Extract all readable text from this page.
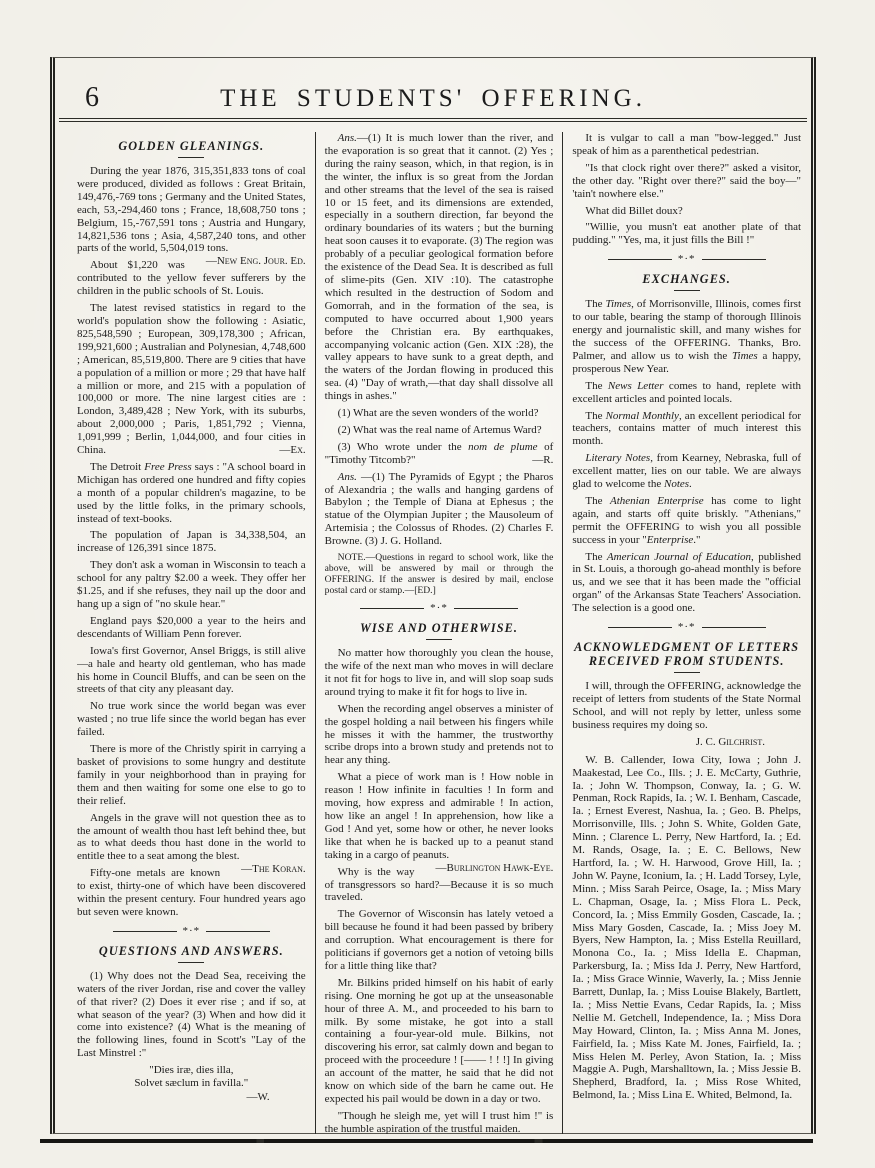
6	THE STUDENTS' OFFERING.
GOLDEN GLEANINGS.

During the year 1876, 315,351,833 tons of coal were produced, divided as follows : Great Britain, 149,476,-769 tons ; Germany and the United States, each, 53,-294,460 tons ; France, 18,608,750 tons ; Belgium, 15,-767,591 tons ; Austria and Hungary, 14,821,536 tons ; Asia, 4,587,240 tons, and other parts of the world, 5,504,019 tons.
—New Eng. Jour. Ed.

About $1,220 was contributed to the yellow fever sufferers by the children in the public schools of St. Louis.

The latest revised statistics in regard to the world's population show the following : Asiatic, 825,548,590 ; European, 309,178,300 ; African, 199,921,600 ; Australian and Polynesian, 4,748,600 ; American, 85,519,800. There are 9 cities that have a population of a million or more ; 29 that have half a million or more, and 215 with a population of 100,000 or more. The nine largest cities are : London, 3,489,428 ; New York, with its suburbs, about 2,000,000 ; Paris, 1,851,792 ; Vienna, 1,091,999 ; Berlin, 1,044,000, and four cities in China.	—Ex.

The Detroit Free Press says : "A school board in Michigan has ordered one hundred and fifty copies a month of a popular children's magazine, to be used by the little folks, in the primary schools, instead of text-books.

The population of Japan is 34,338,504, an increase of 126,391 since 1875.

They don't ask a woman in Wisconsin to teach a school for any paltry $2.00 a week. They offer her $1.25, and if she refuses, they nail up the door and hang up a sign of "no skule hear."

England pays $20,000 a year to the heirs and descendants of William Penn forever.

Iowa's first Governor, Ansel Briggs, is still alive—a hale and hearty old gentleman, who has made his home in Council Bluffs, and can be seen on the streets of that city any pleasant day.

No true work since the world began was ever wasted ; no true life since the world began has ever failed.

There is more of the Christly spirit in carrying a basket of provisions to some hungry and destitute family in your neighborhood than in praying for them and then waiting for some one else to go to their relief.

Angels in the grave will not question thee as to the amount of wealth thou hast left behind thee, but as to what deeds thou hast done in the world to entitle thee to a seat among the blest.
—The Koran.

Fifty-one metals are known to exist, thirty-one of which have been discovered within the present century. Four hundred years ago but seven were known.

*·*
QUESTIONS AND ANSWERS.

(1) Why does not the Dead Sea, receiving the waters of the river Jordan, rise and cover the valley of that river? (2) Does it ever rise ; and if so, at what season of the year? (3) When and how did it come into existence? (4) What is the meaning of the following lines, found in Scott's "Lay of the Last Minstrel :"

"Dies iræ, dies illa,
Solvet sæclum in favilla."
—W.

Ans.—(1) It is much lower than the river, and the evaporation is so great that it cannot. (2) Yes ; during the rainy season, which, in that region, is in the winter, the influx is so great from the Jordan and other streams that the level of the sea is raised 10 or 15 feet, and its dimensions are extended, especially in a southern direction, far beyond the ordinary boundaries of its waters ; but the burning heat soon causes it to evaporate. (3) The region was probably of a peculiar geological formation before the existence of the Dead Sea. It is described as full of slime-pits (Gen. XIV :10). The catastrophe which resulted in the destruction of Sodom and Gomorrah, and in the formation of the sea, is computed to have occurred about 1,900 years before the Christian era. By earthquakes, accompanying volcanic action (Gen. XIX :28), the valley appears to have sunk to a great depth, and the waters of the Jordan flowing in produced this sea. (4) "Day of wrath,—that day shall dissolve all things in ashes."

(1) What are the seven wonders of the world?

(2) What was the real name of Artemus Ward?

(3) Who wrote under the nom de plume of "Timothy Titcomb?"	—R.

Ans. —(1) The Pyramids of Egypt ; the Pharos of Alexandria ; the walls and hanging gardens of Babylon ; the Temple of Diana at Ephesus ; the statue of the Olympian Jupiter ; the Mausoleum of Artemisia ; the Colossus of Rhodes. (2) Charles F. Browne. (3) J. G. Holland.

NOTE.—Questions in regard to school work, like the above, will be answered by mail or through the OFFERING. If the answer is desired by mail, enclose postal card or stamp.—[ED.]

*·*
WISE AND OTHERWISE.

No matter how thoroughly you clean the house, the wife of the next man who moves in will declare it not fit for hogs to live in, and will slop soap suds around trying to make it fit for hogs to live in.

When the recording angel observes a minister of the gospel holding a nail between his fingers while he misses it with the hammer, the trustworthy scribe drops into a brown study and pretends not to hear any thing.

What a piece of work man is ! How noble in reason ! How infinite in faculties ! In form and moving, how express and admirable ! In action, how like an angel ! In apprehension, how like a God ! And yet, some how or other, he never looks like that when he is backed up to a peanut stand taking in a cargo of peanuts.
—Burlington Hawk-Eye.

Why is the way of transgressors so hard?—Because it is so much traveled.

The Governor of Wisconsin has lately vetoed a bill because he found it had been passed by bribery and corruption. What encouragement is there for politicians if governors get a notion of vetoing bills for a little thing like that?

Mr. Bilkins prided himself on his habit of early rising. One morning he got up at the unseasonable hour of three A. M., and proceeded to his barn to milk. By some mistake, he got into a stall containing a four-year-old mule. Bilkins, not discovering his error, sat calmly down and began to proceed with the proceedure ! [—— ! ! !] In giving an account of the matter, he said that he did not know on which side of the barn he came out. He expected his pail would be down in a day or two.

"Though he sleigh me, yet will I trust him !" is the humble aspiration of the trustful maiden.

It is vulgar to call a man "bow-legged." Just speak of him as a parenthetical pedestrian.

"Is that clock right over there?" asked a visitor, the other day. "Right over there?" said the boy—" 'tain't nowhere else."

What did Billet doux?

"Willie, you musn't eat another plate of that pudding." "Yes, ma, it just fills the Bill !"

*·*
EXCHANGES.

The Times, of Morrisonville, Illinois, comes first to our table, bearing the stamp of thorough Illinois energy and journalistic skill, and many wishes for the success of the OFFERING. Thanks, Bro. Palmer, and allow us to wish the Times a happy, prosperous New Year.

The News Letter comes to hand, replete with excellent articles and pointed locals.

The Normal Monthly, an excellent periodical for teachers, contains matter of much interest this month.

Literary Notes, from Kearney, Nebraska, full of excellent matter, lies on our table. We are always glad to welcome the Notes.

The Athenian Enterprise has come to light again, and starts off quite briskly. "Athenians," permit the OFFERING to wish you all possible success in your "Enterprise."

The American Journal of Education, published in St. Louis, a thorough go-ahead monthly is before us, and we see that it has been made the "official organ" of the Arkansas State Teachers' Association. The selection is a good one.

*·*
ACKNOWLEDGMENT OF LETTERS RECEIVED FROM STUDENTS.

I will, through the OFFERING, acknowledge the receipt of letters from students of the State Normal School, and will not reply by letter, unless some business requires my doing so.

J. C. Gilchrist.

W. B. Callender, Iowa City, Iowa ; John J. Maakestad, Lee Co., Ills. ; J. E. McCarty, Guthrie, Ia. ; John W. Thompson, Conway, Ia. ; G. W. Penman, Rock Rapids, Ia. ; W. I. Benham, Cascade, Ia. ; Ernest Everest, Nashua, Ia. ; Geo. B. Phelps, Morrisonville, Ills. ; John S. White, Golden Gate, Minn. ; Clarence L. Perry, New Hartford, Ia. ; Ed. M. Rands, Osage, Ia. ; E. C. Bellows, New Hartford, Ia. ; W. H. Harwood, Grove Hill, Ia. ; John W. Payne, Iconium, Ia. ; H. Ladd Torsey, Lyle, Minn. ; Miss Sarah Peirce, Osage, Ia. ; Miss Mary L. Chapman, Osage, Ia. ; Miss Flora L. Peck, Concord, Ia. ; Miss Emmily Gosden, Cascade, Ia. ; Miss Mary Gosden, Cascade, Ia. ; Miss Joey M. Byers, New Hampton, Ia. ; Miss Estella Reuillard, Monona Co., Ia. ; Miss Idella E. Chapman, Parkersburg, Ia. ; Miss Ida J. Perry, New Hartford, Ia. ; Miss Grace Winnie, Waverly, Ia. ; Miss Jennie Barrett, Dunlap, Ia. ; Miss Louise Blakely, Bartlett, Ia. ; Miss Nettie Evans, Cedar Rapids, Ia. ; Miss Nellie M. Getchell, Independence, Ia. ; Miss Dora May Howard, Clinton, Ia. ; Miss Anna M. Jones, Fairfield, Ia. ; Miss Kate M. Jones, Fairfield, Ia. ; Miss Helen M. Perley, Avon Station, Ia. ; Miss Maggie A. Pugh, Marshalltown, Ia. ; Miss Jessie B. Shepherd, Bradford, Ia. ; Miss Rose Whited, Belmond, Ia. ; Miss Lina E. Whited, Belmond, Ia.
